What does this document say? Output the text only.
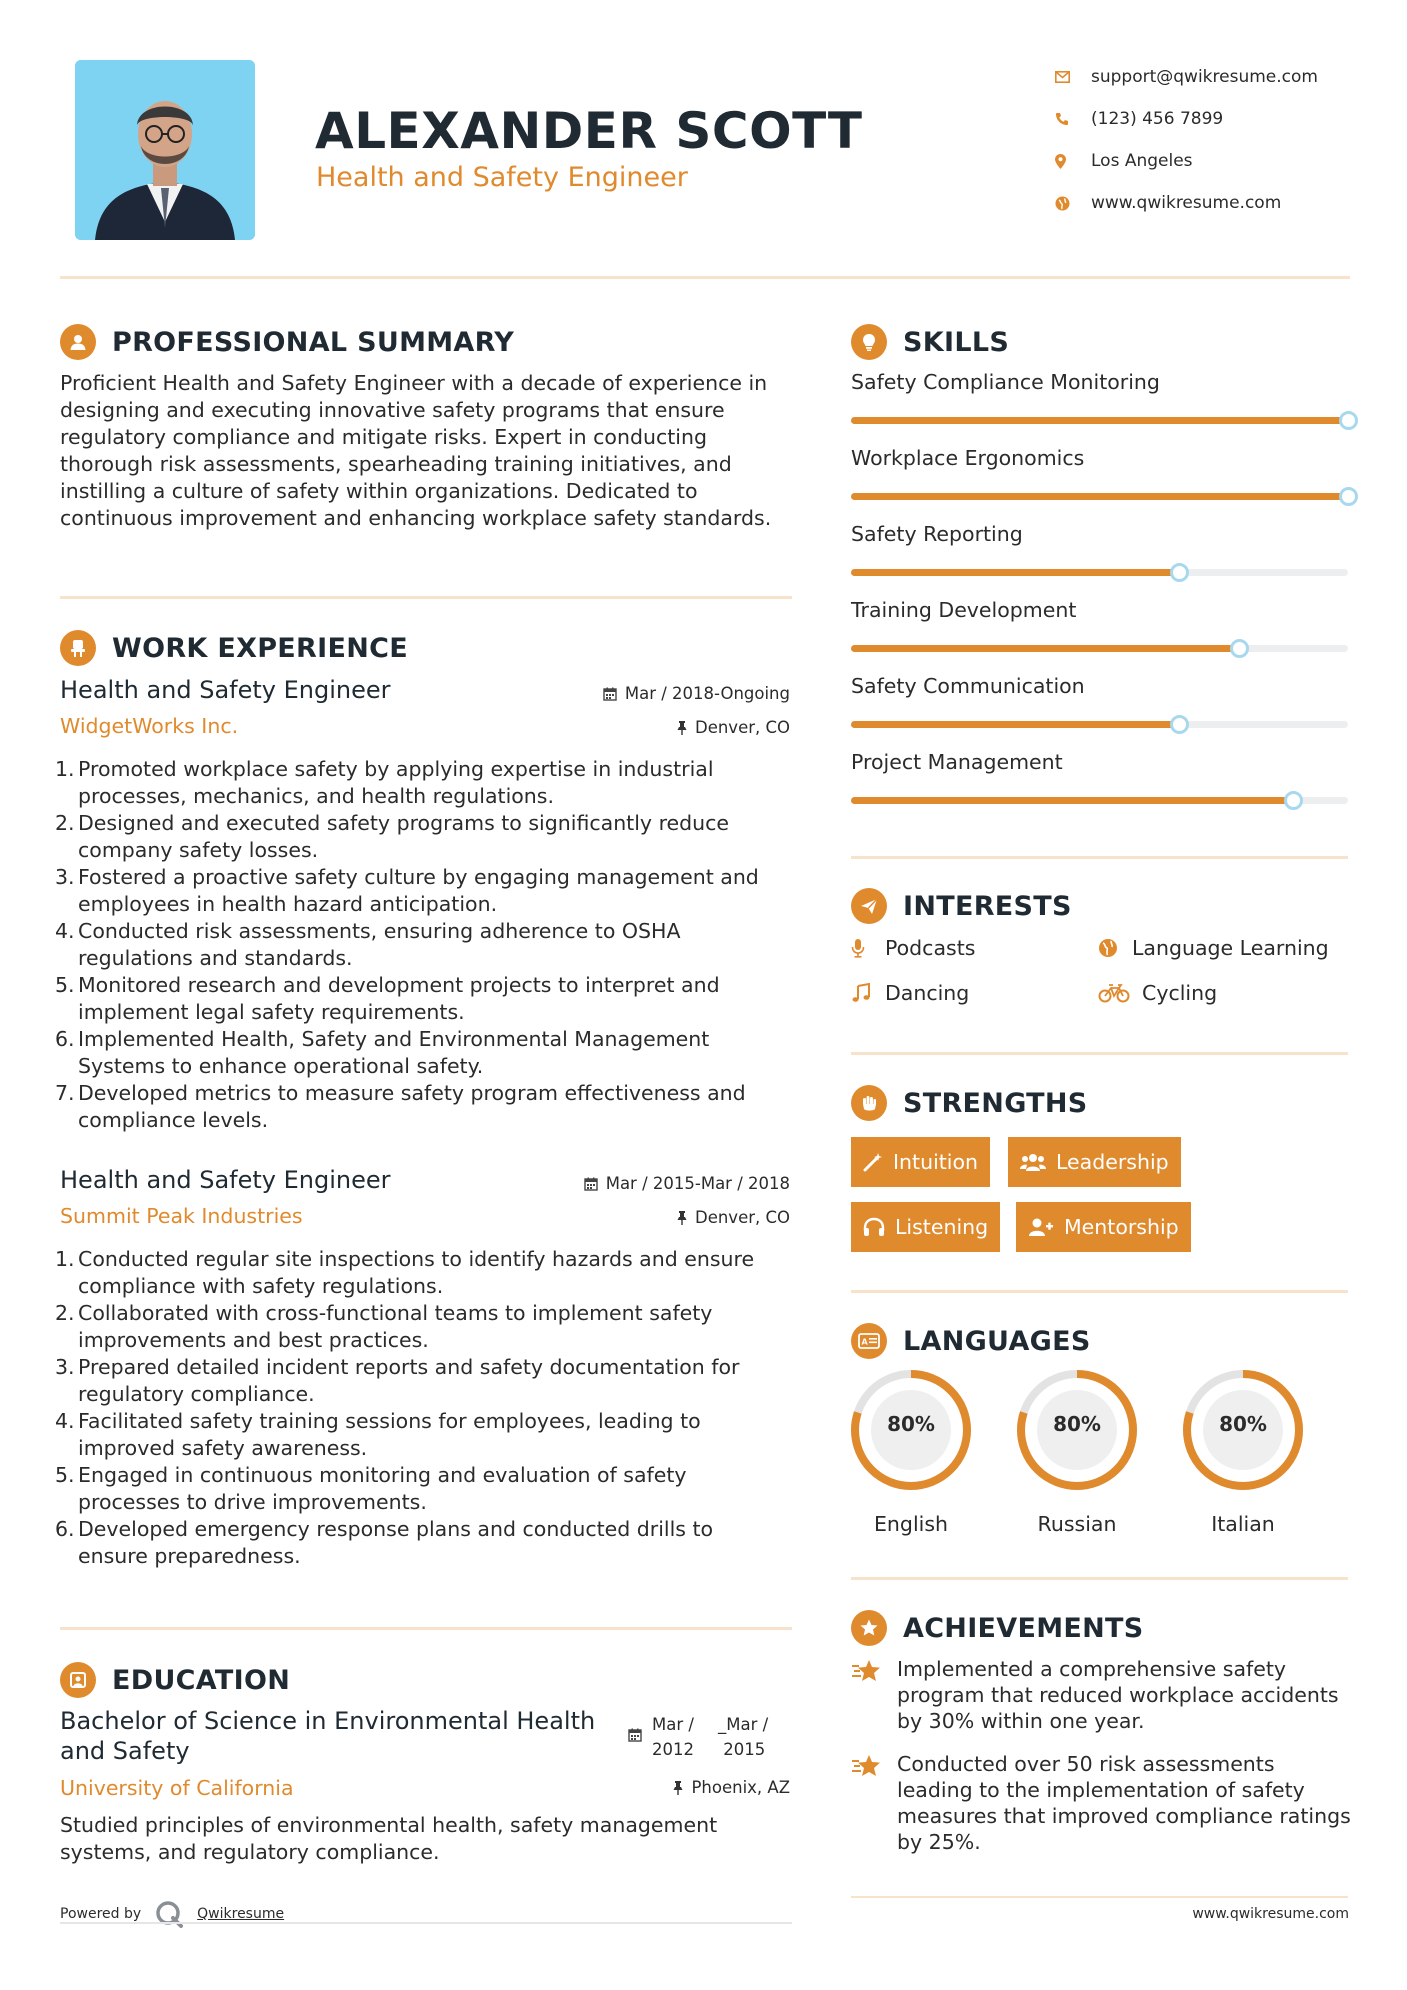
ALEXANDER SCOTT
Health and Safety Engineer
support@qwikresume.com
(123) 456 7899
Los Angeles
www.qwikresume.com
PROFESSIONAL SUMMARY
Proficient Health and Safety Engineer with a decade of experience in designing and executing innovative safety programs that ensure regulatory compliance and mitigate risks. Expert in conducting thorough risk assessments, spearheading training initiatives, and instilling a culture of safety within organizations. Dedicated to continuous improvement and enhancing workplace safety standards.
WORK EXPERIENCE
Health and Safety Engineer	Mar / 2018-Ongoing
WidgetWorks Inc.	Denver, CO
1. Promoted workplace safety by applying expertise in industrial
processes, mechanics, and health regulations.
2. Designed and executed safety programs to significantly reduce
company safety losses.
3. Fostered a proactive safety culture by engaging management and
employees in health hazard anticipation.
4. Conducted risk assessments, ensuring adherence to OSHA
regulations and standards.
5. Monitored research and development projects to interpret and
implement legal safety requirements.
6. Implemented Health, Safety and Environmental Management
Systems to enhance operational safety.
7. Developed metrics to measure safety program effectiveness and
compliance levels.
Health and Safety Engineer	Mar / 2015-Mar / 2018
Summit Peak Industries	Denver, CO
1. Conducted regular site inspections to identify hazards and ensure
compliance with safety regulations.
2. Collaborated with cross-functional teams to implement safety
improvements and best practices.
3. Prepared detailed incident reports and safety documentation for
regulatory compliance.
4. Facilitated safety training sessions for employees, leading to
improved safety awareness.
5. Engaged in continuous monitoring and evaluation of safety
processes to drive improvements.
6. Developed emergency response plans and conducted drills to
ensure preparedness.
EDUCATION
Bachelor of Science in Environmental Health and Safety
Mar /
2012
_Mar /
2015
University of California	Phoenix, AZ
Studied principles of environmental health, safety management systems, and regulatory compliance.
Powered by	Qwikresume
SKILLS
Safety Compliance Monitoring
Workplace Ergonomics
Safety Reporting
Training Development
Safety Communication
Project Management
INTERESTS
Podcasts	Language Learning
Dancing	Cycling
STRENGTHS
Intuition	Leadership
Listening	Mentorship
A LANGUAGES
80%
English
80%
Russian
80%
Italian
ACHIEVEMENTS
Implemented a comprehensive safety program that reduced workplace accidents by 30% within one year.
Conducted over 50 risk assessments leading to the implementation of safety measures that improved compliance ratings by 25%.
www.qwikresume.com
